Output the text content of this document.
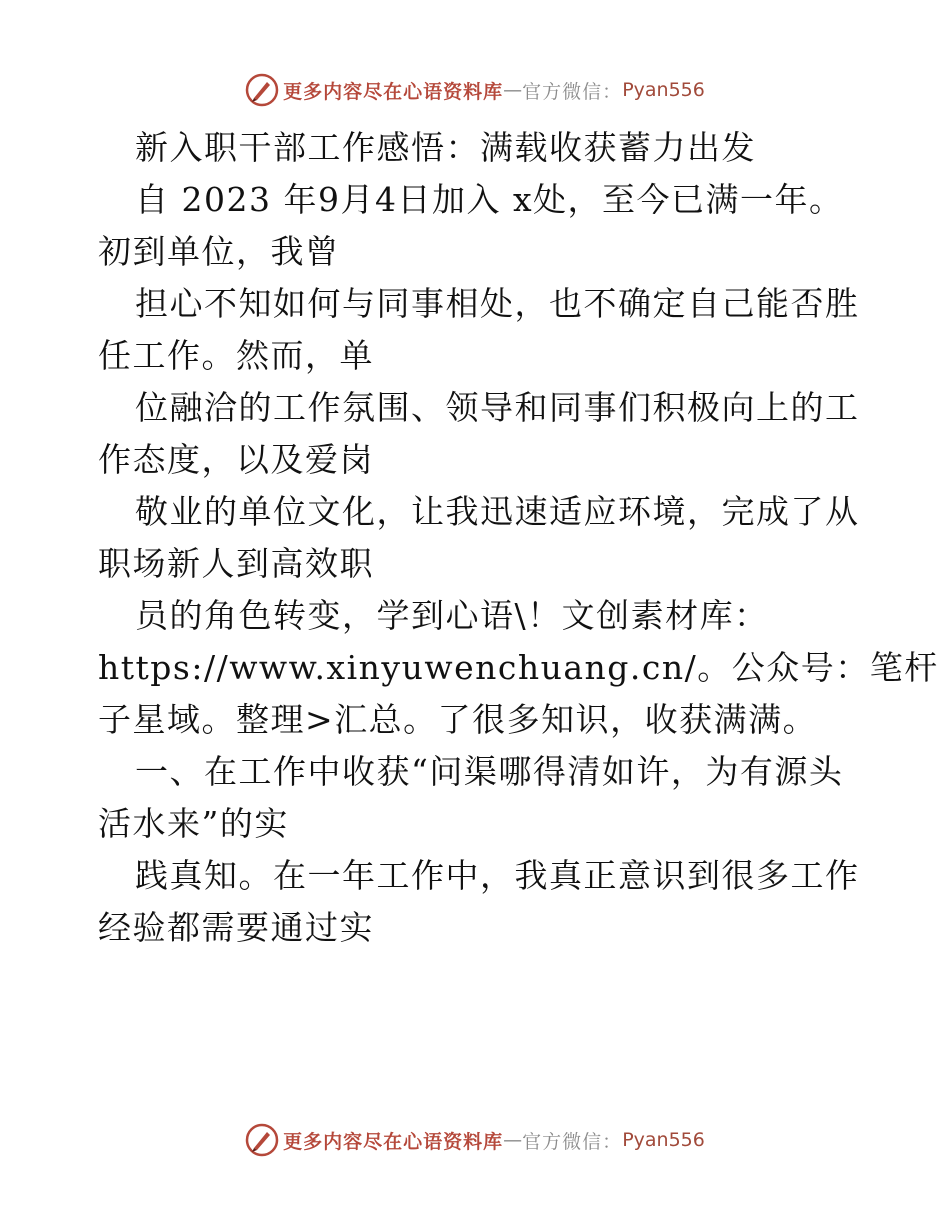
更多内容尽在心语资料库 — 官方微信： Pyan556
新入职干部工作感悟：满载收获蓄力出发
自 2023 年9月4日加入 x处，至今已满一年。
初到单位，我曾
担心不知如何与同事相处，也不确定自己能否胜
任工作。然而，单
位融洽的工作氛围、领导和同事们积极向上的工
作态度，以及爱岗
敬业的单位文化，让我迅速适应环境，完成了从
职场新人到高效职
员的角色转变，学到心语\！文创素材库：
https://www.xinyuwenchuang.cn/。公众号：笔杆
子星域。整理>汇总。了很多知识，收获满满。
一、在工作中收获“问渠哪得清如许，为有源头
活水来”的实
践真知。在一年工作中，我真正意识到很多工作
经验都需要通过实
更多内容尽在心语资料库 — 官方微信： Pyan556
